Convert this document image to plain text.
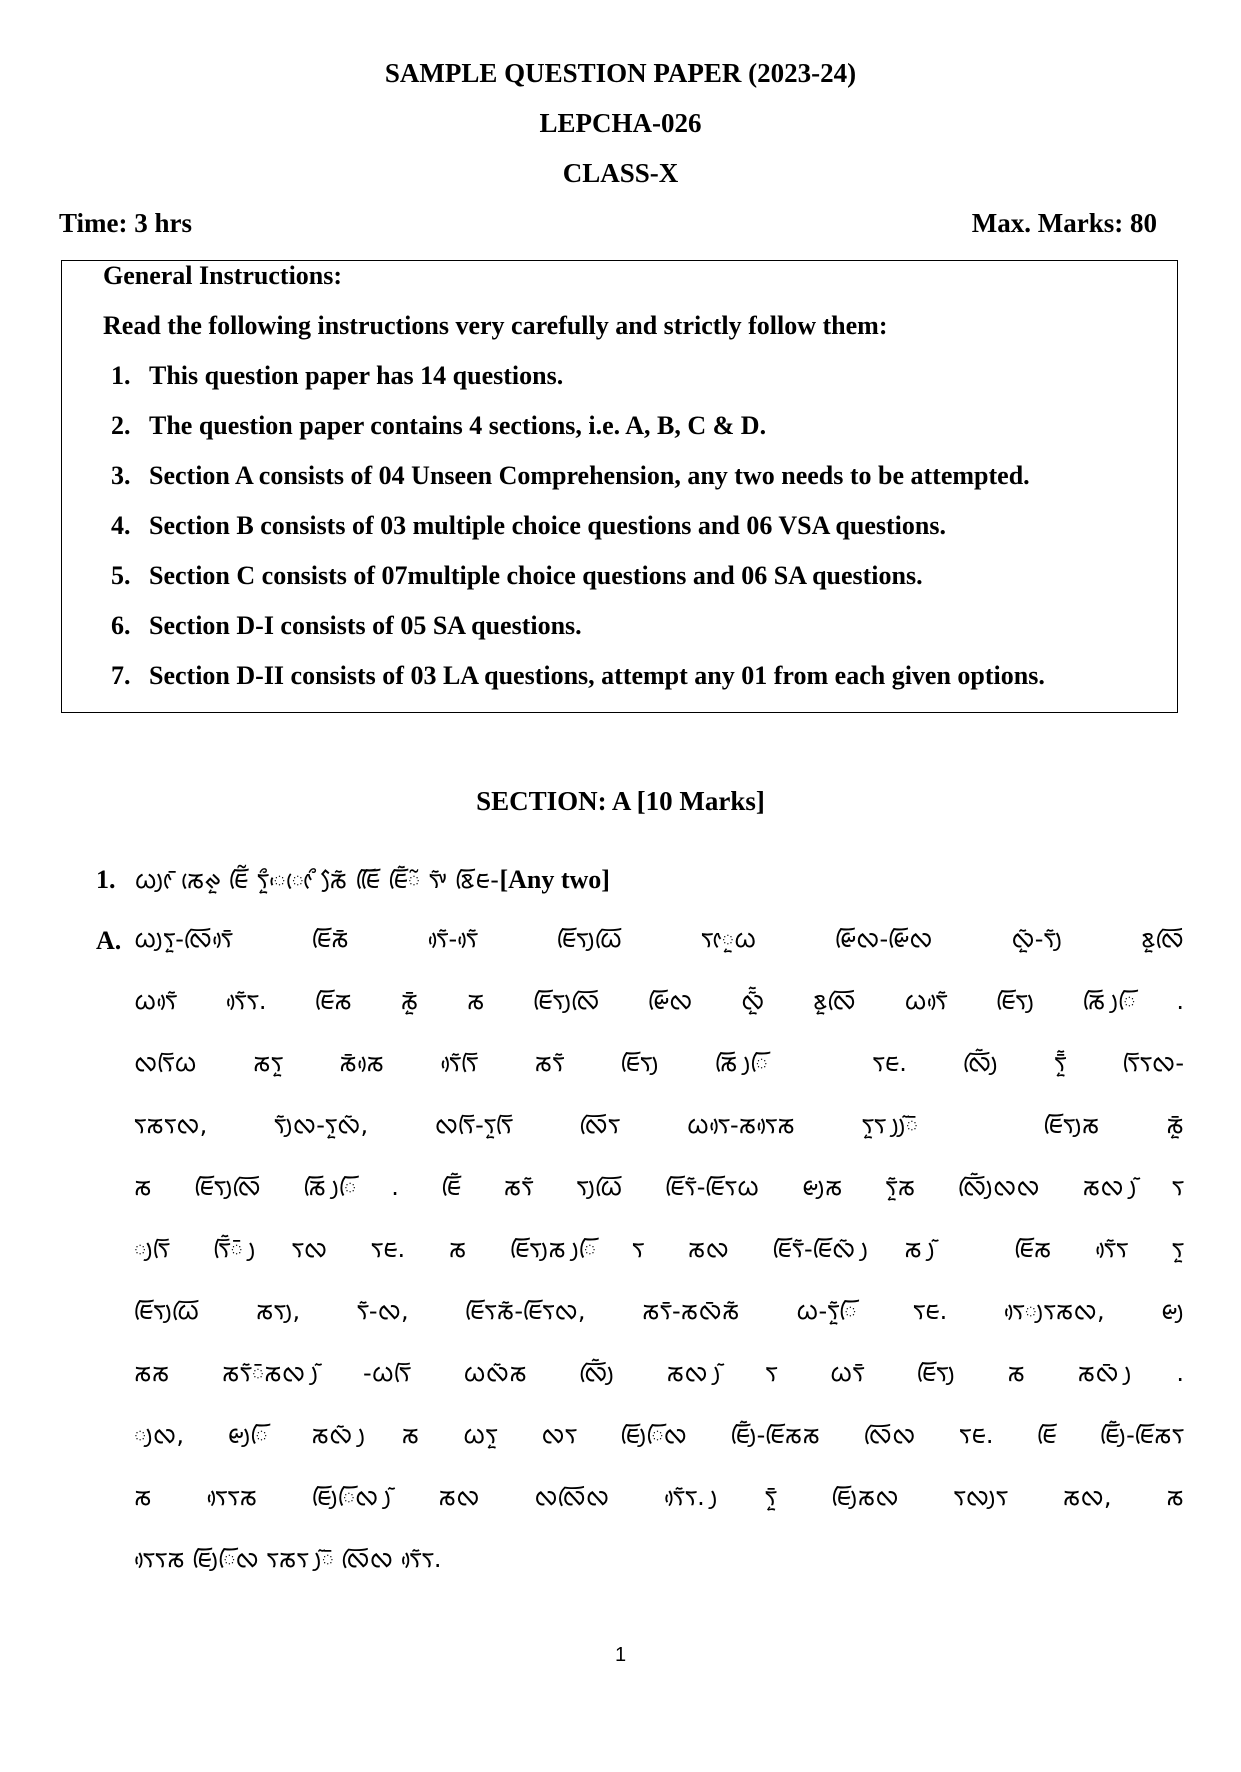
SAMPLE QUESTION PAPER (2023-24)
LEPCHA-026
CLASS-X
Time: 3 hrs	Max. Marks: 80
General Instructions:
Read the following instructions very carefully and strictly follow them:
1. This question paper has 14 questions.
2. The question paper contains 4 sections, i.e. A, B, C & D.
3. Section A consists of 04 Unseen Comprehension, any two needs to be attempted.
4. Section B consists of 03 multiple choice questions and 06 VSA questions.
5. Section C consists of 07multiple choice questions and 06 SA questions.
6. Section D-I consists of 05 SA questions.
7. Section D-II consists of 03 LA questions, attempt any 01 from each given options.
SECTION: A [10 Marks]
1. ᰃᰪᰦᰳ ᰕᰨᰊᰬ ᰀᰩᰲ ᰛᰬᰰᰵᰨᰦᰰ ᰕᰧᰶ ᰀᰩᰩ ᰀᰩᰶᰲ ᰛᰤᰶ ᰣᰩᰀ-[Any two]
A. ᰃᰪᰛᰬ-ᰜᰩᰛᰴᰳ ᰀᰩᰕᰳ ᰛᰴᰶ-ᰛᰴᰶ ᰀᰩᰛᰪᰃᰩ ᰛᰦᰬᰃ ᰡᰩᰜ-ᰡᰩᰜ ᰜᰬᰶ-ᰛᰪᰶ ᰣᰬᰜᰩ
ᰃᰛᰴᰶ ᰛᰴᰶᰛ. ᰀᰩᰕ ᰕᰬᰳ ᰕ ᰀᰩᰛᰪᰜᰩ ᰡᰩᰜ ᰜᰬᰶᰶ ᰣᰬᰜᰩ ᰃᰛᰴᰶ ᰀᰩᰛᰪ ᰕᰩ ᰪᰩ.
ᰜᰛᰩᰃ ᰕᰛᰬ ᰕᰳᰕᰴ ᰛᰴᰶᰛᰩ ᰕᰛᰶ ᰀᰩᰛᰪ ᰕᰩ ᰪᰩ ᰛᰀ. ᰜᰩᰪᰶ ᰛᰬᰳᰶ ᰛᰩᰛᰜ-
ᰛᰕᰛᰜ, ᰛᰪᰶᰜ-ᰛᰬᰜᰶ, ᰜᰛᰩ-ᰛᰬᰛᰩ ᰜᰩᰛ ᰃᰛᰴ-ᰕᰛᰴᰕ ᰛᰬᰛ ᰪᰪᰶᰳ ᰀᰩᰛᰪᰕ ᰕᰬᰳ
ᰕ ᰀᰩᰛᰪᰜᰩ ᰕᰩ ᰪᰩ. ᰀᰩᰶ ᰕᰛᰶ ᰛᰪᰃᰩ ᰀᰩᰛᰶ-ᰀᰩᰛᰃ ᰡᰪᰕ ᰛᰬᰶᰕ ᰜᰩᰪᰶᰜᰜ ᰕᰜ ᰪᰶᰛ
ᰪᰛᰩ ᰛᰩᰶᰳ ᰪᰛᰜ ᰛᰀ. ᰕ ᰀᰩᰛᰪᰕ ᰪᰩᰛ ᰕᰜ ᰀᰩᰛᰶ-ᰀᰩᰜᰶ ᰪᰕ ᰪᰶ ᰀᰩᰕ ᰛᰴᰶᰛ ᰛᰬ
ᰀᰩᰛᰪᰃᰩ ᰕᰛᰪ, ᰛᰶ-ᰜ, ᰀᰩᰛᰕᰶ-ᰀᰩᰛᰜ, ᰕᰛᰳ-ᰕᰜᰳᰕᰶ ᰃ-ᰛᰬᰶᰩ ᰛᰀ. ᰛᰴᰪᰛᰕᰜ, ᰡᰪ
ᰕᰕ ᰕᰛᰶᰳᰕᰜ ᰪᰶ-ᰃᰛᰩ ᰃᰜᰶᰕ ᰜᰩᰪᰶ ᰕᰜ ᰪᰶᰛ ᰃᰛᰳ ᰀᰩᰛᰪ ᰕ ᰕᰜᰳ ᰪ.
ᰪᰜ, ᰡᰪᰩ ᰕᰜᰶ ᰪᰕ ᰃᰛᰬ ᰜᰛ ᰀᰩᰪᰩᰜ ᰀᰩᰪᰶ-ᰀᰩᰕᰕ ᰜᰩᰜ ᰛᰀ. ᰀᰩ ᰀᰩᰪᰶ-ᰀᰩᰕᰛ
ᰕ ᰛᰴᰛᰕ ᰀᰩᰪᰩᰜ ᰪᰶᰕᰜ ᰜᰜᰩᰜ ᰛᰴᰶᰛ. ᰪᰛᰬᰳ ᰀᰩᰪᰕᰜ ᰛᰜᰪᰛ ᰕᰜ, ᰕ
ᰛᰴᰛᰕ ᰀᰩᰪᰩᰜ ᰛᰕᰛ ᰪᰶᰳ ᰜᰩᰜ ᰛᰴᰶᰛ.
1
